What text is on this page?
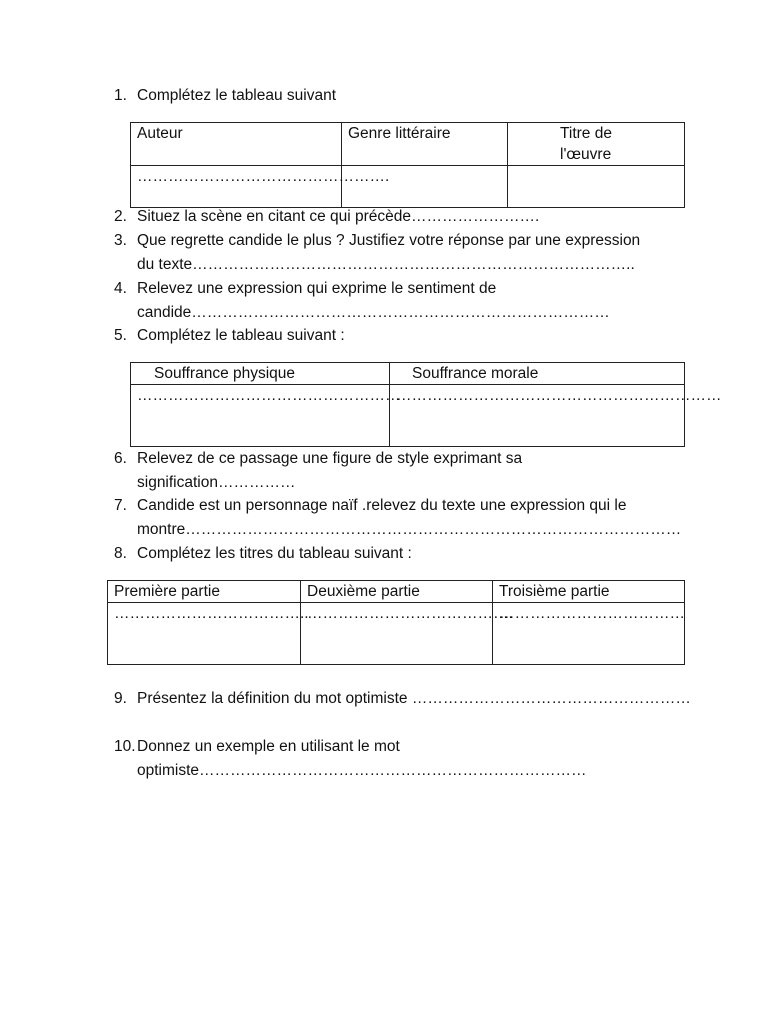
1. Complétez le tableau suivant
Auteur	Genre littéraire	Titre de
l'œuvre

………………………………………….		

2. Situez la scène en citant ce qui précède…………………….
3. Que regrette candide le plus ? Justifiez votre réponse par une expression
du texte…………………………………………………………………………..
4. Relevez une expression qui exprime le sentiment de
candide………………………………………………………………………
5. Complétez le tableau suivant :
Souffrance physique	Souffrance morale

……………………………………………	………………………………………………………
6. Relevez de ce passage une figure de style exprimant sa
signification……………
7. Candide est un personnage naïf .relevez du texte une expression qui le
montre……………………………………………………………………………………
8. Complétez les titres du tableau suivant :
Première partie	Deuxième partie	Troisième partie

………………………………..	………………………………….	………………………………
9. Présentez la définition du mot optimiste ………………………………………………
10. Donnez un exemple en utilisant le mot
optimiste…………………………………………………………………
